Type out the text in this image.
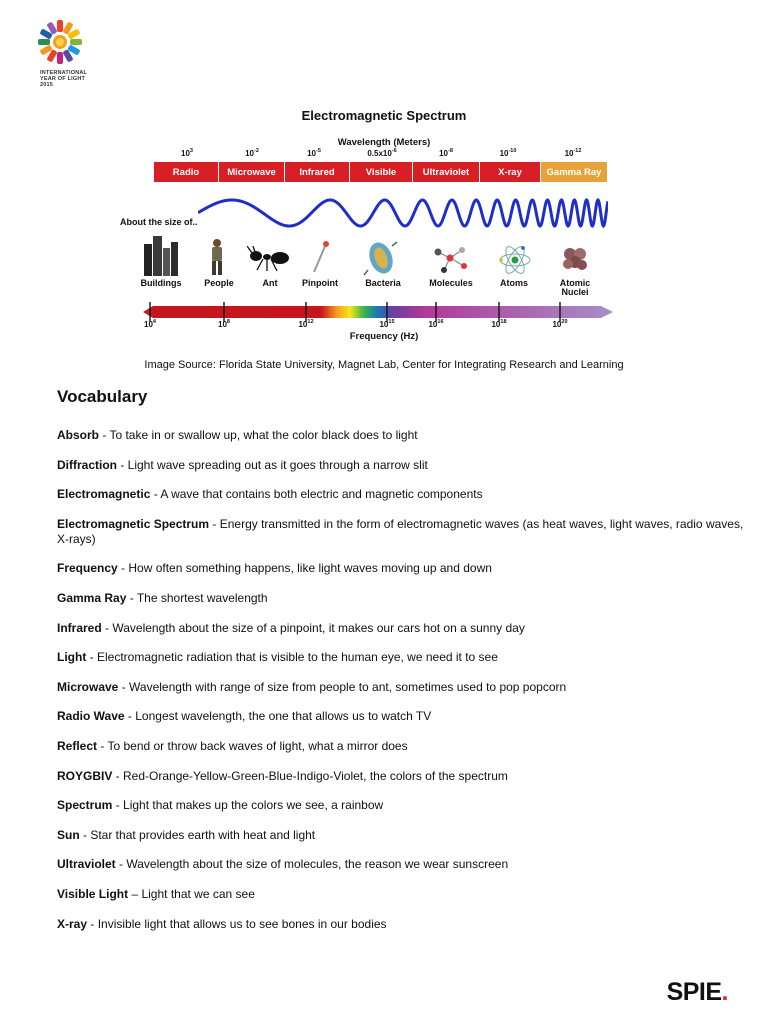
INTERNATIONAL
YEAR OF LIGHT
2015
Electromagnetic Spectrum
Wavelength (Meters)
$10^3$	$10^{-2}$	$10^{-5}$	$0.5x10^{-6}$	$10^{-8}$	$10^{-10}$	$10^{-12}$
Radio	Microwave	Infrared	Visible	Ultraviolet	X-ray	Gamma Ray
About the size of..
Buildings	People	Ant	Pinpoint	Bacteria	Molecules	Atoms	Atomic
Nuclei
$10^4$	$10^8$	$10^{12}$	$10^{15}$	$10^{16}$	$10^{18}$	$10^{20}$
Frequency (Hz)
Image Source: Florida State University, Magnet Lab, Center for Integrating Research and Learning
Vocabulary
Absorb - To take in or swallow up, what the color black does to light
Diffraction - Light wave spreading out as it goes through a narrow slit
Electromagnetic - A wave that contains both electric and magnetic components
Electromagnetic Spectrum - Energy transmitted in the form of electromagnetic waves (as heat waves, light waves, radio waves, X-rays)
Frequency - How often something happens, like light waves moving up and down
Gamma Ray - The shortest wavelength
Infrared - Wavelength about the size of a pinpoint, it makes our cars hot on a sunny day
Light - Electromagnetic radiation that is visible to the human eye, we need it to see
Microwave - Wavelength with range of size from people to ant, sometimes used to pop popcorn
Radio Wave - Longest wavelength, the one that allows us to watch TV
Reflect - To bend or throw back waves of light, what a mirror does
ROYGBIV - Red-Orange-Yellow-Green-Blue-Indigo-Violet, the colors of the spectrum
Spectrum - Light that makes up the colors we see, a rainbow
Sun - Star that provides earth with heat and light
Ultraviolet - Wavelength about the size of molecules, the reason we wear sunscreen
Visible Light – Light that we can see
X-ray - Invisible light that allows us to see bones in our bodies
SPIE.
